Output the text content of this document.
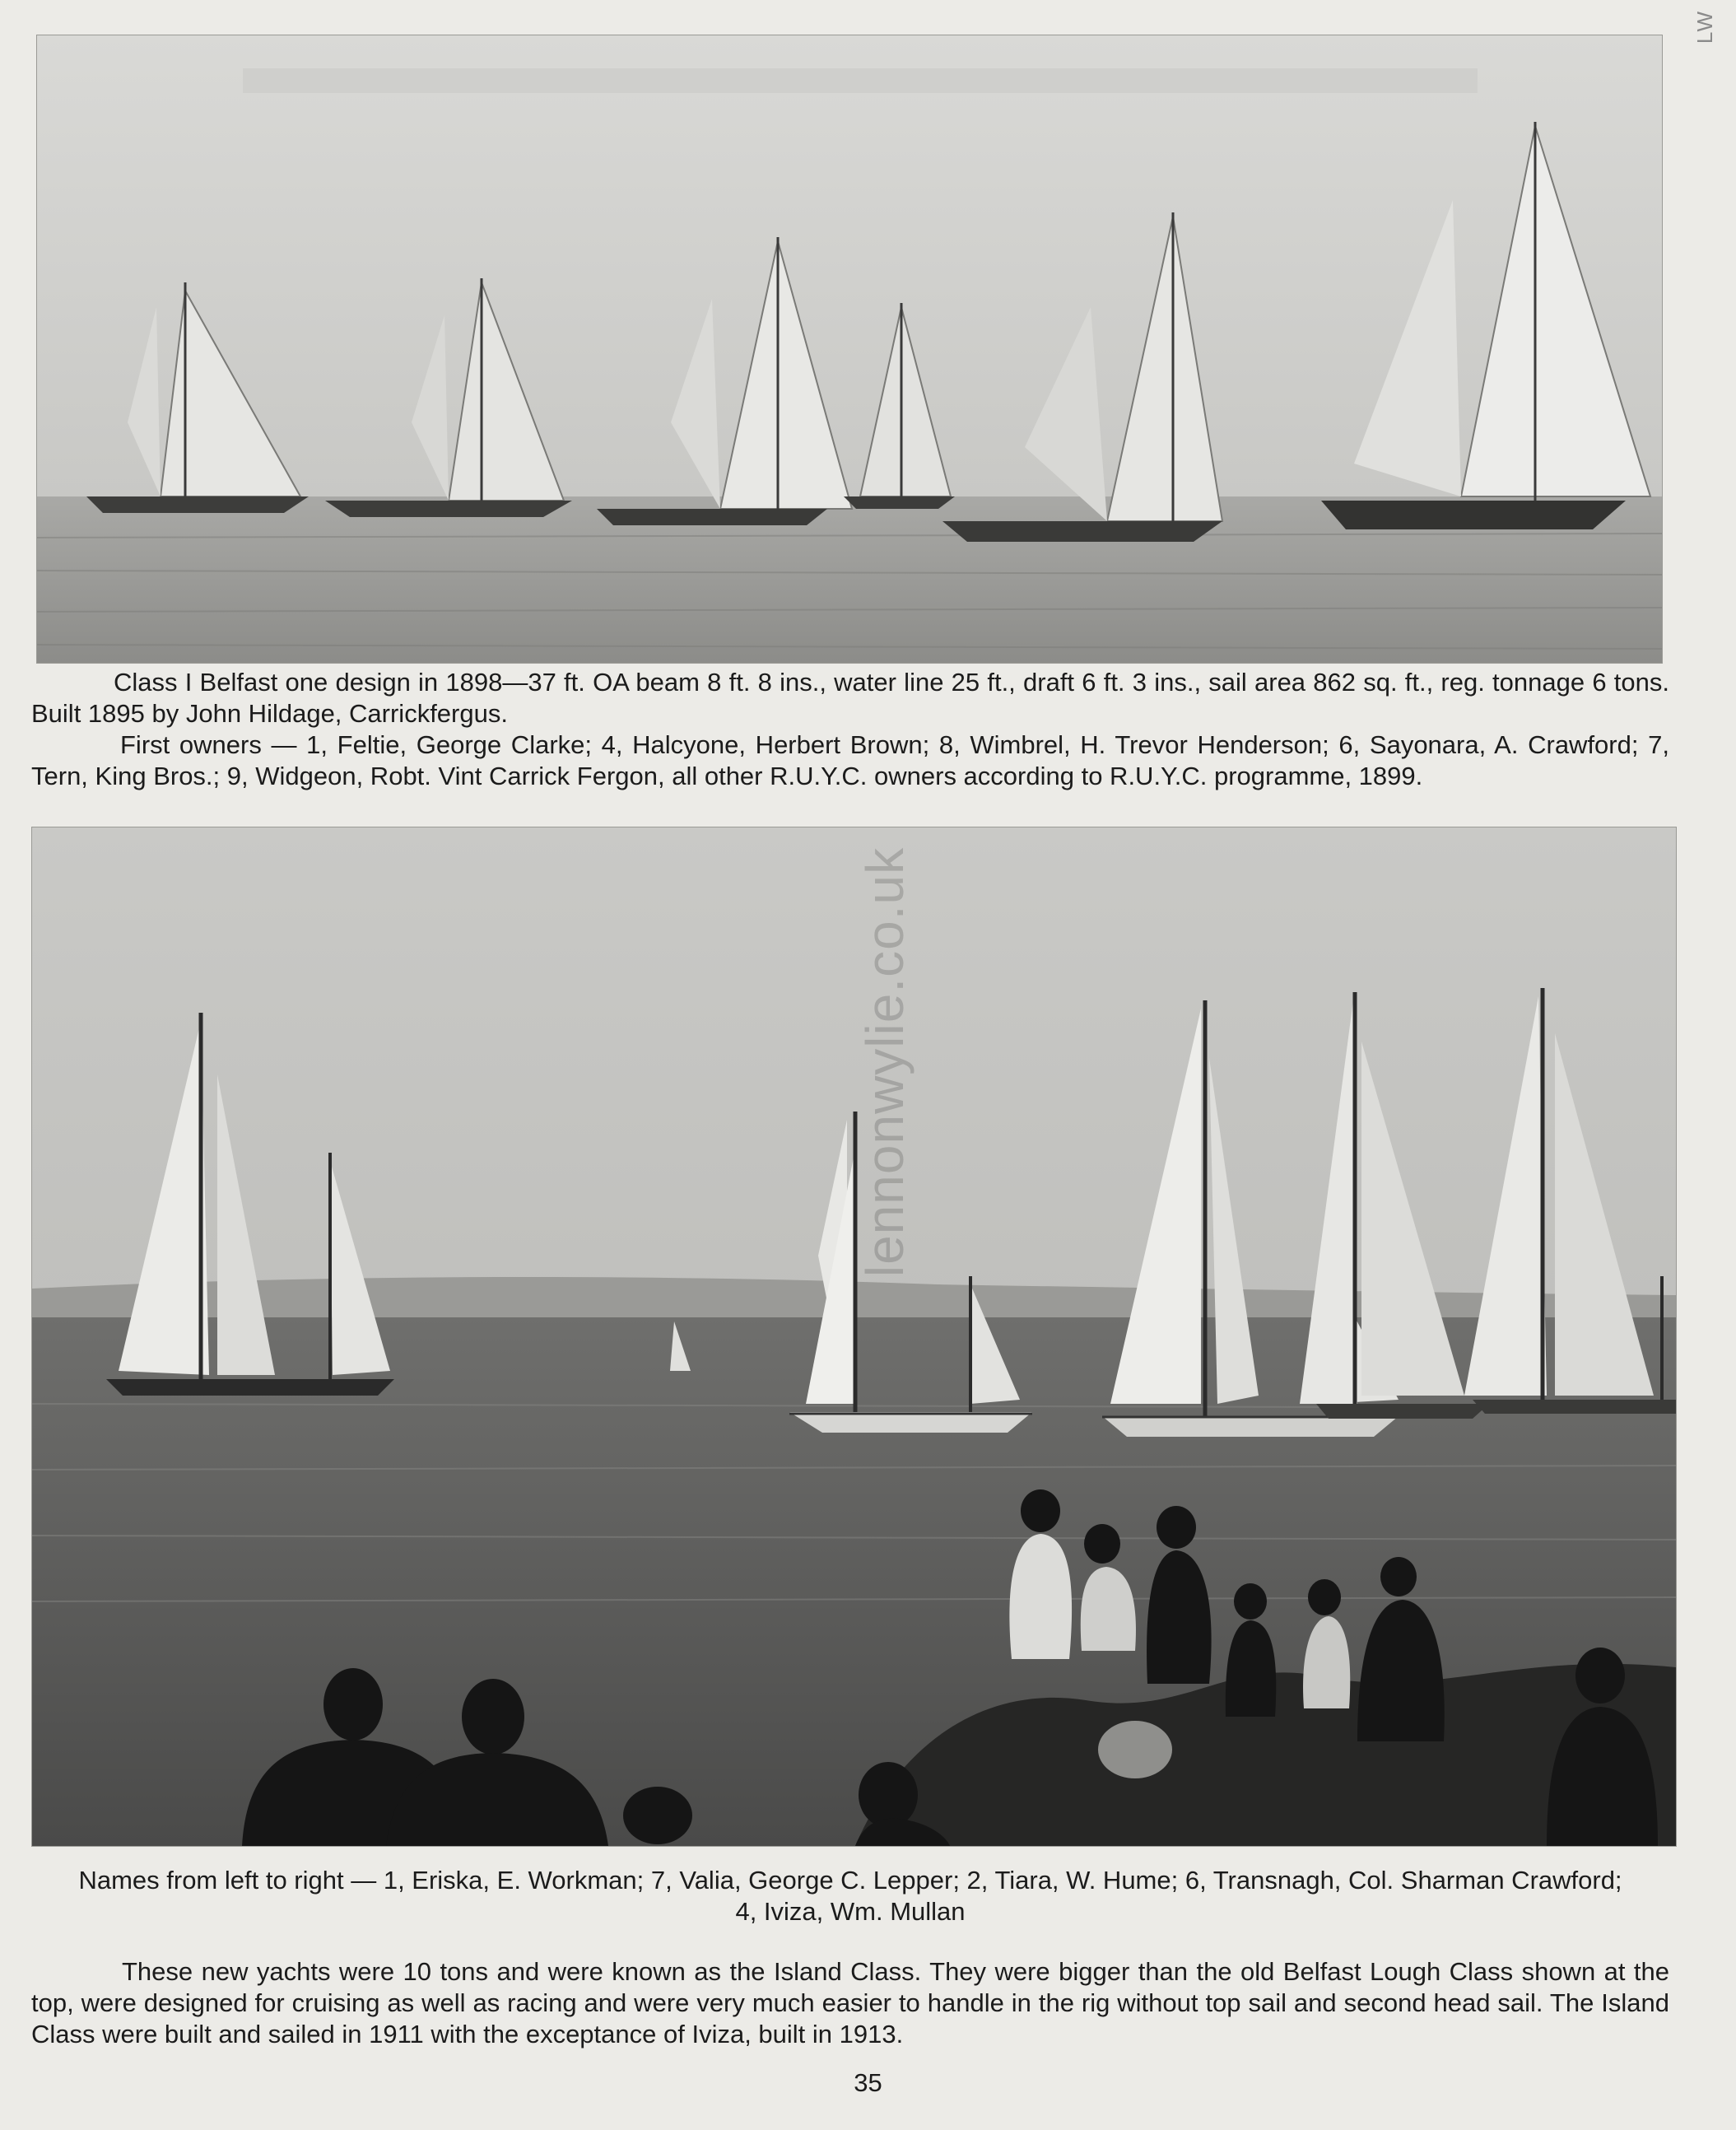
LW

Class I Belfast one design in 1898—37 ft. OA beam 8 ft. 8 ins., water line 25 ft., draft 6 ft. 3 ins., sail area 862 sq. ft., reg. tonnage 6 tons. Built 1895 by John Hildage, Carrickfergus.

First owners — 1, Feltie, George Clarke; 4, Halcyone, Herbert Brown; 8, Wimbrel, H. Trevor Henderson; 6, Sayonara, A. Crawford; 7, Tern, King Bros.; 9, Widgeon, Robt. Vint Carrick Fergon, all other R.U.Y.C. owners according to R.U.Y.C. programme, 1899.

lennonwylie.co.uk
Names from left to right — 1, Eriska, E. Workman; 7, Valia, George C. Lepper; 2, Tiara, W. Hume; 6, Transnagh, Col. Sharman Crawford;
4, Iviza, Wm. Mullan

These new yachts were 10 tons and were known as the Island Class. They were bigger than the old Belfast Lough Class shown at the top, were designed for cruising as well as racing and were very much easier to handle in the rig without top sail and second head sail. The Island Class were built and sailed in 1911 with the exceptance of Iviza, built in 1913.

35
